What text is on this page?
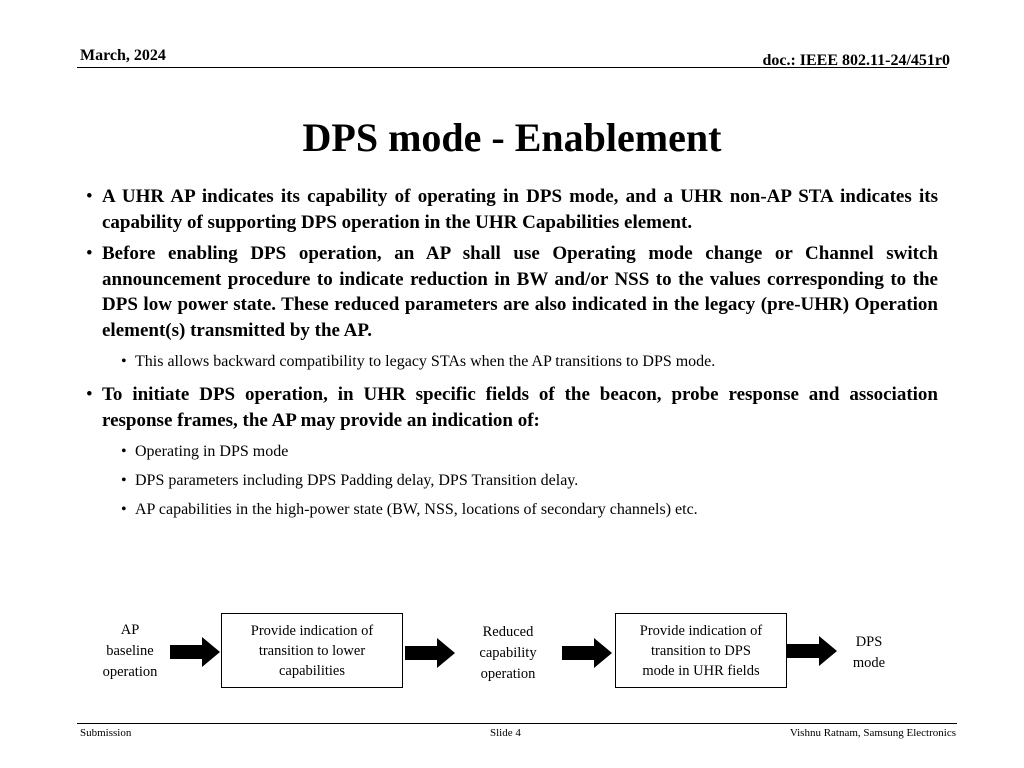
March, 2024	doc.: IEEE 802.11-24/451r0
DPS mode - Enablement
• A UHR AP indicates its capability of operating in DPS mode, and a UHR non-AP STA indicates its capability of supporting DPS operation in the UHR Capabilities element.
• Before enabling DPS operation, an AP shall use Operating mode change or Channel switch announcement procedure to indicate reduction in BW and/or NSS to the values corresponding to the DPS low power state. These reduced parameters are also indicated in the legacy (pre-UHR) Operation element(s) transmitted by the AP.
• This allows backward compatibility to legacy STAs when the AP transitions to DPS mode.
• To initiate DPS operation, in UHR specific fields of the beacon, probe response and association response frames, the AP may provide an indication of:
• Operating in DPS mode
• DPS parameters including DPS Padding delay, DPS Transition delay.
• AP capabilities in the high-power state (BW, NSS, locations of secondary channels) etc.
AP
baseline
operation
Provide indication of
transition to lower
capabilities
Reduced
capability
operation
Provide indication of
transition to DPS
mode in UHR fields
DPS
mode
Submission	Slide 4	Vishnu Ratnam, Samsung Electronics
